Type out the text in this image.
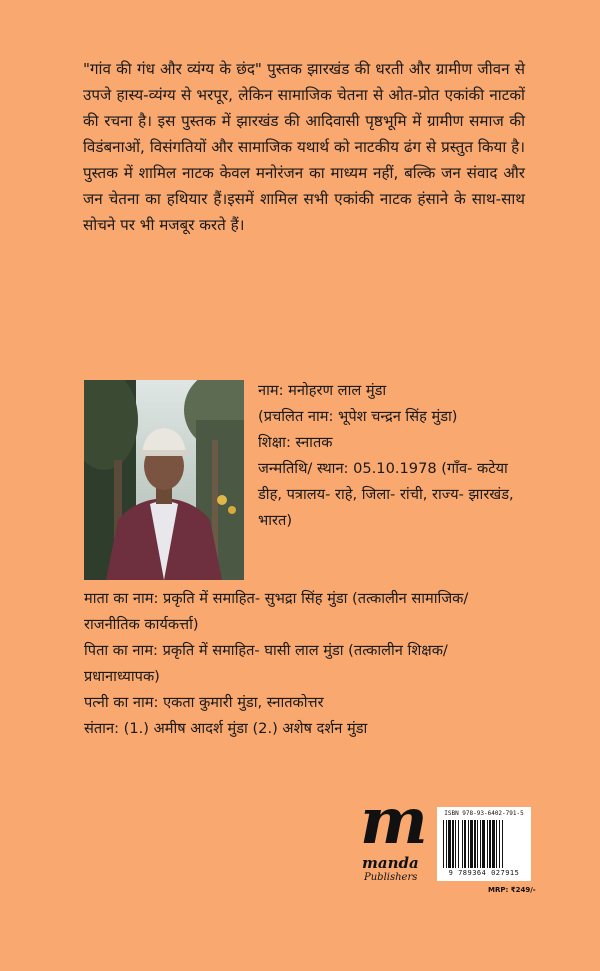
"गांव की गंध और व्यंग्य के छंद" पुस्तक झारखंड की धरती और ग्रामीण जीवन से उपजे हास्य-व्यंग्य से भरपूर, लेकिन सामाजिक चेतना से ओत-प्रोत एकांकी नाटकों की रचना है। इस पुस्तक में झारखंड की आदिवासी पृष्ठभूमि में ग्रामीण समाज की विडंबनाओं, विसंगतियों और सामाजिक यथार्थ को नाटकीय ढंग से प्रस्तुत किया है। पुस्तक में शामिल नाटक केवल मनोरंजन का माध्यम नहीं, बल्कि जन संवाद और जन चेतना का हथियार हैं।इसमें शामिल सभी एकांकी नाटक हंसाने के साथ-साथ सोचने पर भी मजबूर करते हैं।

नाम: मनोहरण लाल मुंडा

(प्रचलित नाम: भूपेश चन्द्रन सिंह मुंडा)

शिक्षा: स्नातक

जन्मतिथि/ स्थान: 05.10.1978 (गाँव- कटेया डीह, पत्रालय- राहे, जिला- रांची, राज्य- झारखंड, भारत)

माता का नाम: प्रकृति में समाहित- सुभद्रा सिंह मुंडा (तत्कालीन सामाजिक/ राजनीतिक कार्यकर्त्ता)

पिता का नाम: प्रकृति में समाहित- घासी लाल मुंडा (तत्कालीन शिक्षक/ प्रधानाध्यापक)

पत्नी का नाम: एकता कुमारी मुंडा, स्नातकोत्तर

संतान: (1.) अमीष आदर्श मुंडा (2.) अशेष दर्शन मुंडा

m
manda
Publishers
ISBN 978-93-6402-791-5
9 789364 027915
MRP: ₹249/-
